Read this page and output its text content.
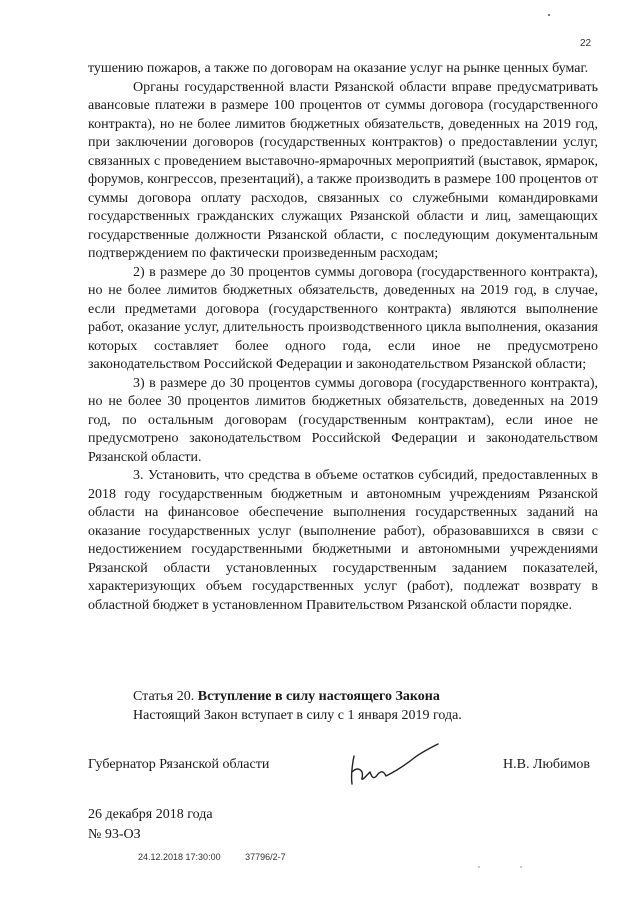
22

тушению пожаров, а также по договорам на оказание услуг на рынке ценных бумаг.

Органы государственной власти Рязанской области вправе предусматривать авансовые платежи в размере 100 процентов от суммы договора (государственного контракта), но не более лимитов бюджетных обязательств, доведенных на 2019 год, при заключении договоров (государственных контрактов) о предоставлении услуг, связанных с проведением выставочно-ярмарочных мероприятий (выставок, ярмарок, форумов, конгрессов, презентаций), а также производить в размере 100 процентов от суммы договора оплату расходов, связанных со служебными командировками государственных гражданских служащих Рязанской области и лиц, замещающих государственные должности Рязанской области, с последующим документальным подтверждением по фактически произведенным расходам;

2) в размере до 30 процентов суммы договора (государственного контракта), но не более лимитов бюджетных обязательств, доведенных на 2019 год, в случае, если предметами договора (государственного контракта) являются выполнение работ, оказание услуг, длительность производственного цикла выполнения, оказания которых составляет более одного года, если иное не предусмотрено законодательством Российской Федерации и законодательством Рязанской области;

3) в размере до 30 процентов суммы договора (государственного контракта), но не более 30 процентов лимитов бюджетных обязательств, доведенных на 2019 год, по остальным договорам (государственным контрактам), если иное не предусмотрено законодательством Российской Федерации и законодательством Рязанской области.

3. Установить, что средства в объеме остатков субсидий, предоставленных в 2018 году государственным бюджетным и автономным учреждениям Рязанской области на финансовое обеспечение выполнения государственных заданий на оказание государственных услуг (выполнение работ), образовавшихся в связи с недостижением государственными бюджетными и автономными учреждениями Рязанской области установленных государственным заданием показателей, характеризующих объем государственных услуг (работ), подлежат возврату в областной бюджет в установленном Правительством Рязанской области порядке.

Статья 20. Вступление в силу настоящего Закона
Настоящий Закон вступает в силу с 1 января 2019 года.
Губернатор Рязанской области	Н.В. Любимов
26 декабря 2018 года
№ 93-ОЗ
24.12.2018 17:30:00	37796/2-7
